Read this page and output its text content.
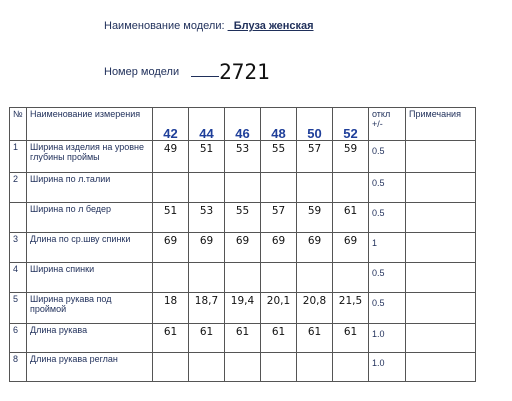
Наименование модели: _Блуза женская
Номер модели 2721
№	Наименование измерения	42	44	46	48	50	52	откл +/-	Примечания
1	Ширина изделия на уровне глубины проймы	49	51	53	55	57	59	0.5	
2	Ширина по л.талии							0.5	
	Ширина по л бедер	51	53	55	57	59	61	0.5	
3	Длина по ср.шву спинки	69	69	69	69	69	69	1	
4	Ширина спинки							0.5	
5	Ширина рукава под проймой	18	18,7	19,4	20,1	20,8	21,5	0.5	
6	Длина рукава	61	61	61	61	61	61	1.0	
8	Длина рукава реглан							1.0	
